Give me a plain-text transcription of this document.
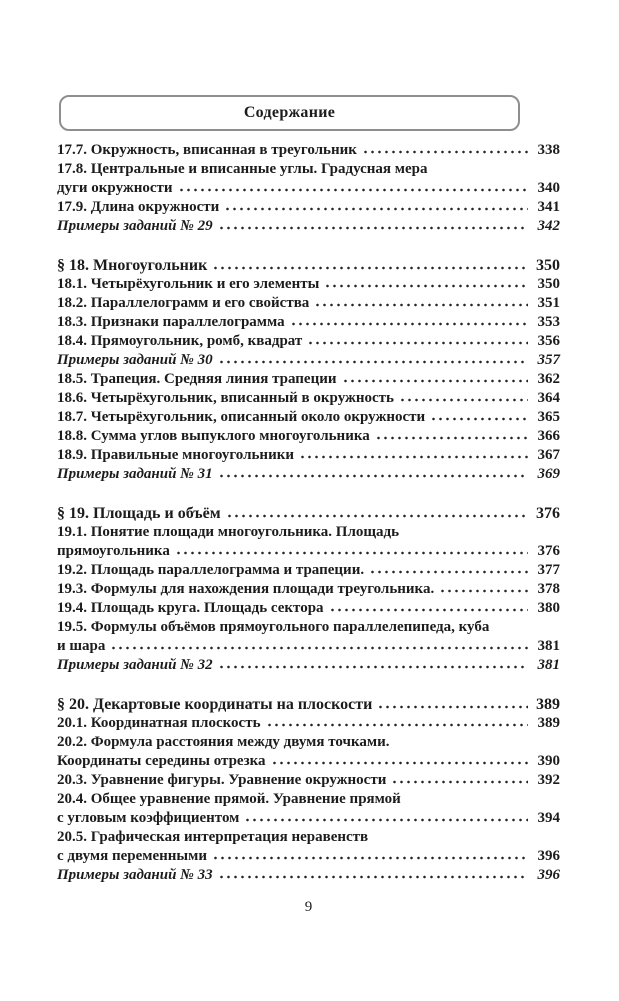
Содержание
17.7. Окружность, вписанная в треугольник	338
17.8. Центральные и вписанные углы. Градусная мера
дуги окружности	340
17.9. Длина окружности	341
Примеры заданий № 29	342
§ 18. Многоугольник	350
18.1. Четырёхугольник и его элементы	350
18.2. Параллелограмм и его свойства	351
18.3. Признаки параллелограмма	353
18.4. Прямоугольник, ромб, квадрат	356
Примеры заданий № 30	357
18.5. Трапеция. Средняя линия трапеции	362
18.6. Четырёхугольник, вписанный в окружность	364
18.7. Четырёхугольник, описанный около окружности	365
18.8. Сумма углов выпуклого многоугольника	366
18.9. Правильные многоугольники	367
Примеры заданий № 31	369
§ 19. Площадь и объём	376
19.1. Понятие площади многоугольника. Площадь
прямоугольника	376
19.2. Площадь параллелограмма и трапеции.	377
19.3. Формулы для нахождения площади треугольника.	378
19.4. Площадь круга. Площадь сектора	380
19.5. Формулы объёмов прямоугольного параллелепипеда, куба
и шара	381
Примеры заданий № 32	381
§ 20. Декартовые координаты на плоскости	389
20.1. Координатная плоскость	389
20.2. Формула расстояния между двумя точками.
Координаты середины отрезка	390
20.3. Уравнение фигуры. Уравнение окружности	392
20.4. Общее уравнение прямой. Уравнение прямой
с угловым коэффициентом	394
20.5. Графическая интерпретация неравенств
с двумя переменными	396
Примеры заданий № 33	396
9
